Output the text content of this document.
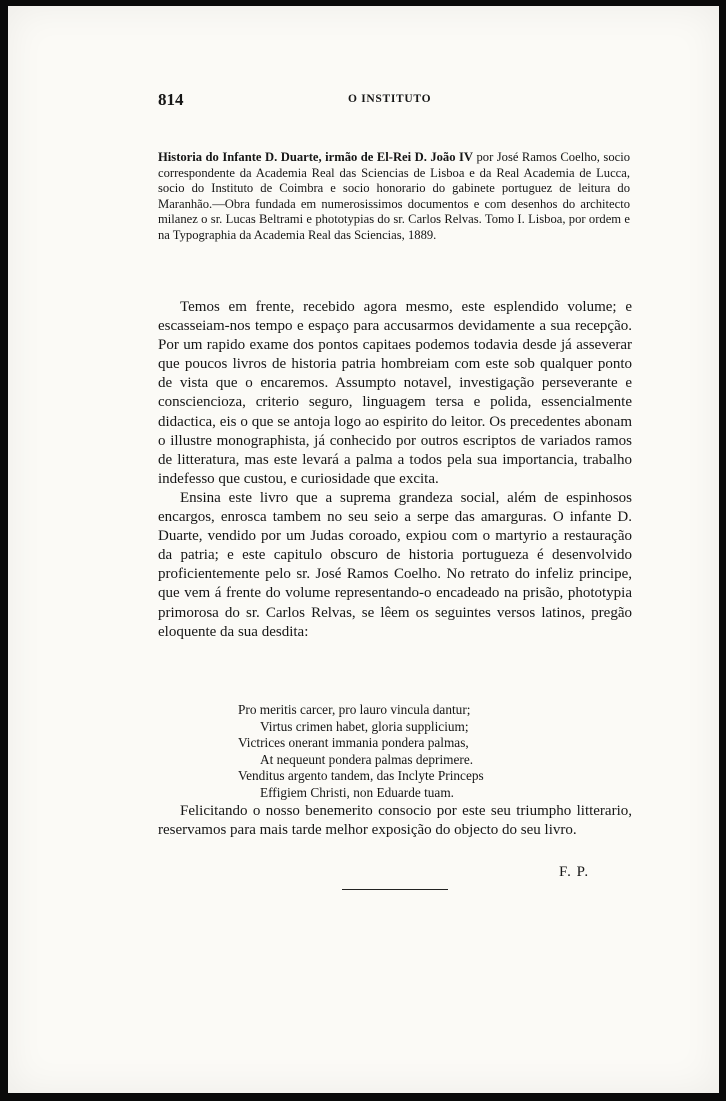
814	O INSTITUTO
Historia do Infante D. Duarte, irmão de El-Rei D. João IV por José Ramos Coelho, socio correspondente da Academia Real das Sciencias de Lisboa e da Real Academia de Lucca, socio do Instituto de Coimbra e socio honorario do gabinete portuguez de leitura do Maranhão.—Obra fundada em numerosissimos documentos e com desenhos do architecto milanez o sr. Lucas Beltrami e phototypias do sr. Carlos Relvas. Tomo I. Lisboa, por ordem e na Typographia da Academia Real das Sciencias, 1889.

Temos em frente, recebido agora mesmo, este esplendido volume; e escasseiam-nos tempo e espaço para accusarmos devidamente a sua recepção. Por um rapido exame dos pontos capitaes podemos todavia desde já asseverar que poucos livros de historia patria hombreiam com este sob qualquer ponto de vista que o encaremos. Assumpto notavel, investigação perseverante e consciencioza, criterio seguro, linguagem tersa e polida, essencialmente didactica, eis o que se antoja logo ao espirito do leitor. Os precedentes abonam o illustre monographista, já conhecido por outros escriptos de variados ramos de litteratura, mas este levará a palma a todos pela sua importancia, trabalho indefesso que custou, e curiosidade que excita.

Ensina este livro que a suprema grandeza social, além de espinhosos encargos, enrosca tambem no seu seio a serpe das amarguras. O infante D. Duarte, vendido por um Judas coroado, expiou com o martyrio a restauração da patria; e este capitulo obscuro de historia portugueza é desenvolvido proficientemente pelo sr. José Ramos Coelho. No retrato do infeliz principe, que vem á frente do volume representando-o encadeado na prisão, phototypia primorosa do sr. Carlos Relvas, se lêem os seguintes versos latinos, pregão eloquente da sua desdita:

Pro meritis carcer, pro lauro vincula dantur;
Virtus crimen habet, gloria supplicium;
Victrices onerant immania pondera palmas,
At nequeunt pondera palmas deprimere.
Venditus argento tandem, das Inclyte Princeps
Effigiem Christi, non Eduarde tuam.

Felicitando o nosso benemerito consocio por este seu triumpho litterario, reservamos para mais tarde melhor exposição do objecto do seu livro.

F. P.
